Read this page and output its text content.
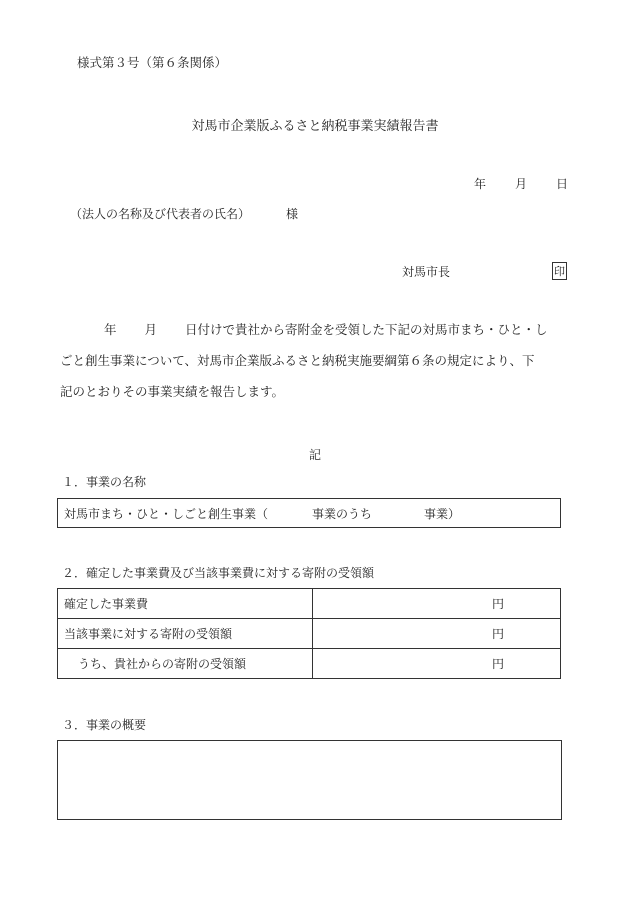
様式第３号（第６条関係）
対馬市企業版ふるさと納税事業実績報告書
年 月 日
（法人の名称及び代表者の氏名）	様
対馬市長	印
年 月 日付けで貴社から寄附金を受領した下記の対馬市まち・ひと・し
ごと創生事業について、対馬市企業版ふるさと納税実施要綱第６条の規定により、下
記のとおりその事業実績を報告します。
記
１．事業の名称
対馬市まち・ひと・しごと創生事業（	事業のうち	事業）
２．確定した事業費及び当該事業費に対する寄附の受領額
確定した事業費	円
当該事業に対する寄附の受領額	円
うち、貴社からの寄附の受領額	円
３．事業の概要
